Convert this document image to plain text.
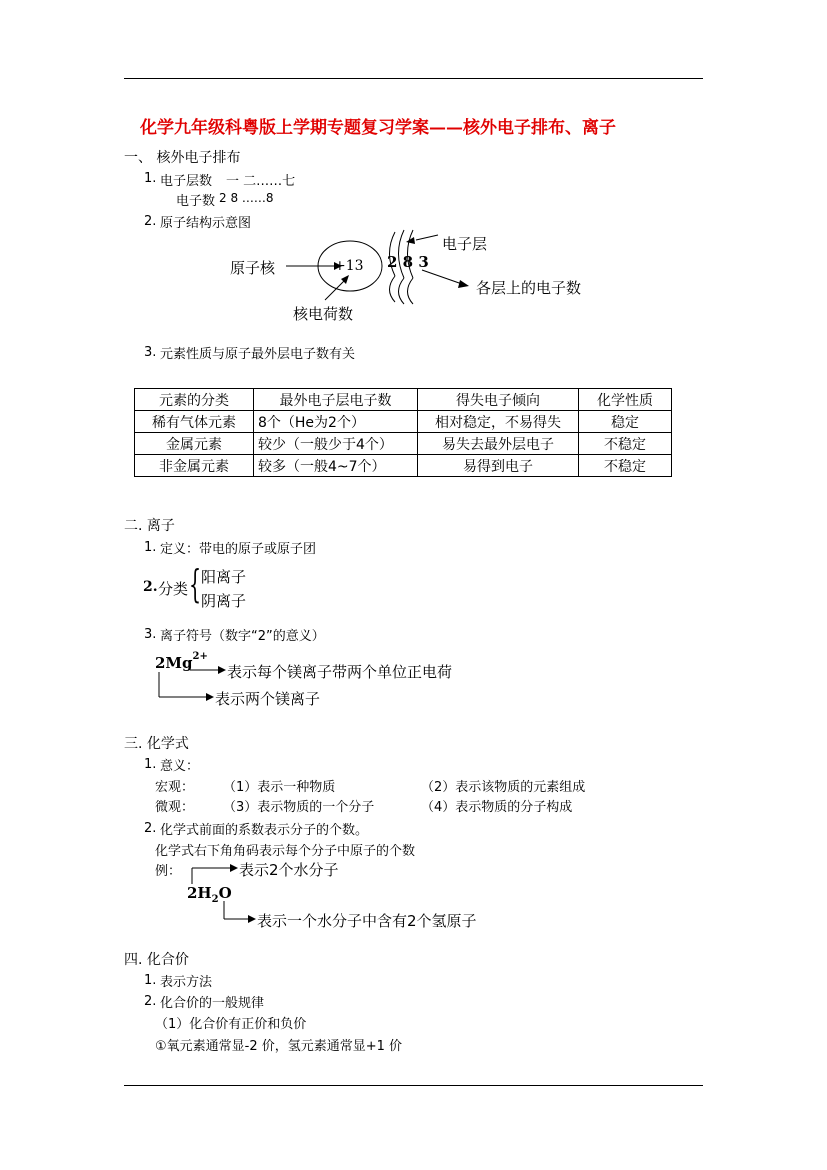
化学九年级科粤版上学期专题复习学案——核外电子排布、离子
一、 核外电子排布
1. 电子层数 一 二……七
电子数 2 8 ……8
2. 原子结构示意图
原子核	+13 2 8 3
电子层
各层上的电子数
核电荷数
3. 元素性质与原子最外层电子数有关
元素的分类	最外电子层电子数	得失电子倾向	化学性质
稀有气体元素	8个（He为2个）	相对稳定，不易得失	稳定
金属元素	较少（一般少于4个）	易失去最外层电子	不稳定
非金属元素	较多（一般4~7个）	易得到电子	不稳定
二. 离子
1. 定义：带电的原子或原子团
2. 分类 { 阳离子
阴离子
3. 离子符号（数字“2”的意义）
$2Mg^{2+}$
表示每个镁离子带两个单位正电荷
表示两个镁离子
三. 化学式
1. 意义：
宏观： （1）表示一种物质	（2）表示该物质的元素组成
微观： （3）表示物质的一个分子	（4）表示物质的分子构成
2. 化学式前面的系数表示分子的个数。
化学式右下角角码表示每个分子中原子的个数
例：
$2H_2O$
表示2个水分子
表示一个水分子中含有2个氢原子
四. 化合价
1. 表示方法
2. 化合价的一般规律
（1）化合价有正价和负价
①氧元素通常显-2 价，氢元素通常显+1 价
